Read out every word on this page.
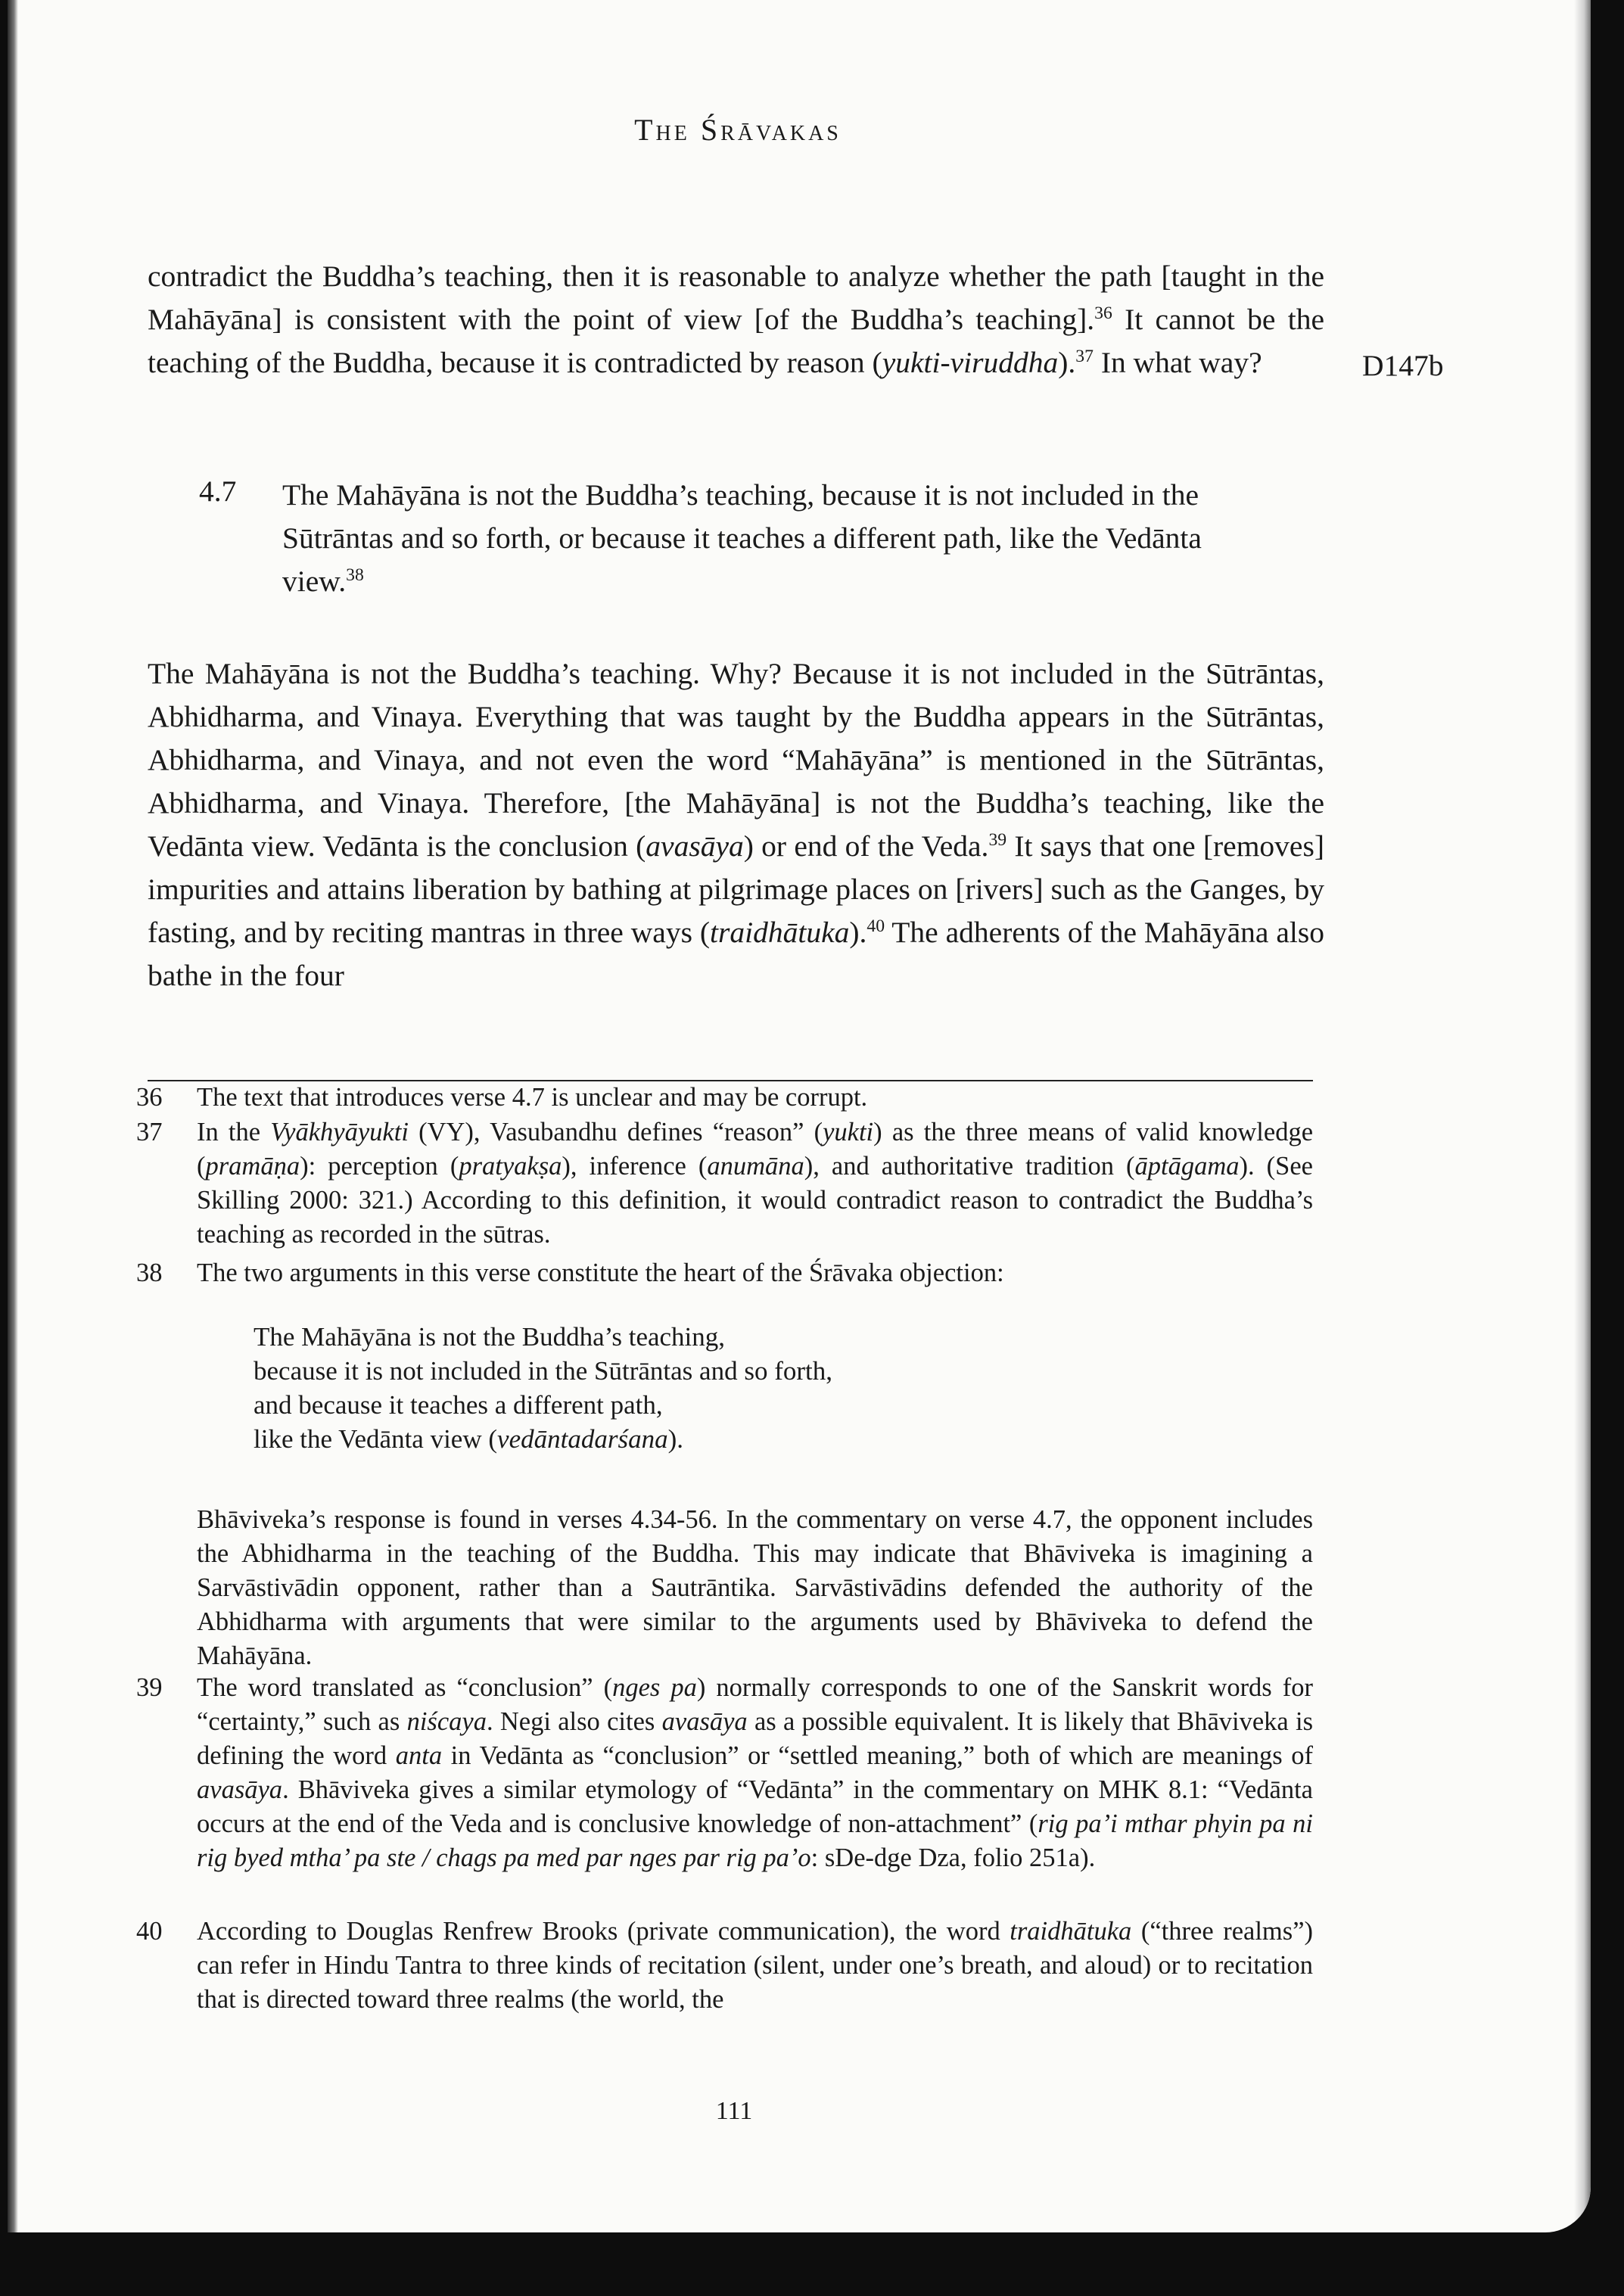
The Śrāvakas

contradict the Buddha’s teaching, then it is reasonable to analyze whether the path [taught in the Mahāyāna] is consistent with the point of view [of the Buddha’s teaching].$^{36}$ It cannot be the teaching of the Buddha, because it is contradicted by reason (yukti-viruddha).$^{37}$ In what way?	D147b
4.7 The Mahāyāna is not the Buddha’s teaching, because it is not included in the Sūtrāntas and so forth, or because it teaches a different path, like the Vedānta view.$^{38}$

The Mahāyāna is not the Buddha’s teaching. Why? Because it is not included in the Sūtrāntas, Abhidharma, and Vinaya. Everything that was taught by the Buddha appears in the Sūtrāntas, Abhidharma, and Vinaya, and not even the word “Mahāyāna” is mentioned in the Sūtrāntas, Abhidharma, and Vinaya. Therefore, [the Mahāyāna] is not the Buddha’s teaching, like the Vedānta view. Vedānta is the conclusion (avasāya) or end of the Veda.$^{39}$ It says that one [removes] impurities and attains liberation by bathing at pilgrimage places on [rivers] such as the Ganges, by fasting, and by reciting mantras in three ways (traidhātuka).$^{40}$ The adherents of the Mahāyāna also bathe in the four

36 The text that introduces verse 4.7 is unclear and may be corrupt.

37 In the Vyākhyāyukti (VY), Vasubandhu defines “reason” (yukti) as the three means of valid knowledge (pramāṇa): perception (pratyakṣa), inference (anumāna), and authoritative tradition (āptāgama). (See Skilling 2000: 321.) According to this definition, it would contradict reason to contradict the Buddha’s teaching as recorded in the sūtras.

38 The two arguments in this verse constitute the heart of the Śrāvaka objection:

The Mahāyāna is not the Buddha’s teaching,
because it is not included in the Sūtrāntas and so forth,
and because it teaches a different path,
like the Vedānta view (vedāntadarśana).

Bhāviveka’s response is found in verses 4.34-56. In the commentary on verse 4.7, the opponent includes the Abhidharma in the teaching of the Buddha. This may indicate that Bhāviveka is imagining a Sarvāstivādin opponent, rather than a Sautrāntika. Sarvāstivādins defended the authority of the Abhidharma with arguments that were similar to the arguments used by Bhāviveka to defend the Mahāyāna.

39 The word translated as “conclusion” (nges pa) normally corresponds to one of the Sanskrit words for “certainty,” such as niścaya. Negi also cites avasāya as a possible equivalent. It is likely that Bhāviveka is defining the word anta in Vedānta as “conclusion” or “settled meaning,” both of which are meanings of avasāya. Bhāviveka gives a similar etymology of “Vedānta” in the commentary on MHK 8.1: “Vedānta occurs at the end of the Veda and is conclusive knowledge of non-attachment” (rig pa’i mthar phyin pa ni rig byed mtha’ pa ste / chags pa med par nges par rig pa’o: sDe-dge Dza, folio 251a).

40 According to Douglas Renfrew Brooks (private communication), the word traidhātuka (“three realms”) can refer in Hindu Tantra to three kinds of recitation (silent, under one’s breath, and aloud) or to recitation that is directed toward three realms (the world, the

111
